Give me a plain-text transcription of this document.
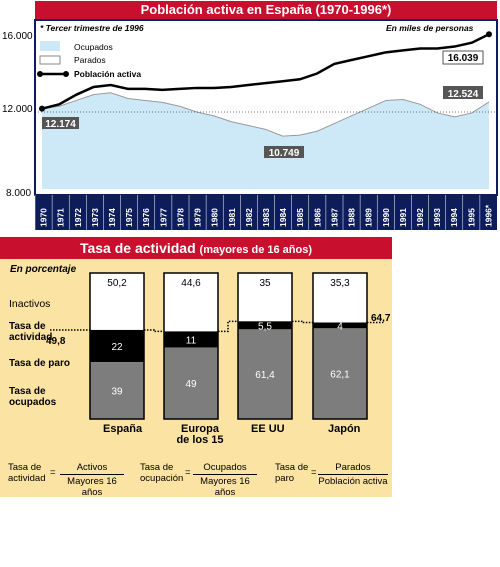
Población activa en España (1970-1996*)
1970 1971 1972 1973 1974 1975 1976 1977 1978 1979 1980 1981 1982 1983 1984 1985 1986 1987 1988 1989 1990 1991 1992 1993 1994 1995 1996*
16.000
12.000
8.000
* Tercer trimestre de 1996	En miles de personas
Ocupados
Parados
Población activa
12.174
10.749
16.039
12.524
Tasa de actividad (mayores de 16 años)
En porcentaje
50,2
22
39
44,6
11
49
35
5,5
61,4
35,3
4
62,1
Inactivos
Tasa de
actividad
Tasa de paro
Tasa de
ocupados
49,8
64,7
España	Europa
de los 15
EE UU	Japón
Tasa de
actividad
=	Activos
Mayores 16 años
Tasa de
ocupación
=	Ocupados
Mayores 16 años
Tasa de
paro
=	Parados
Población activa
